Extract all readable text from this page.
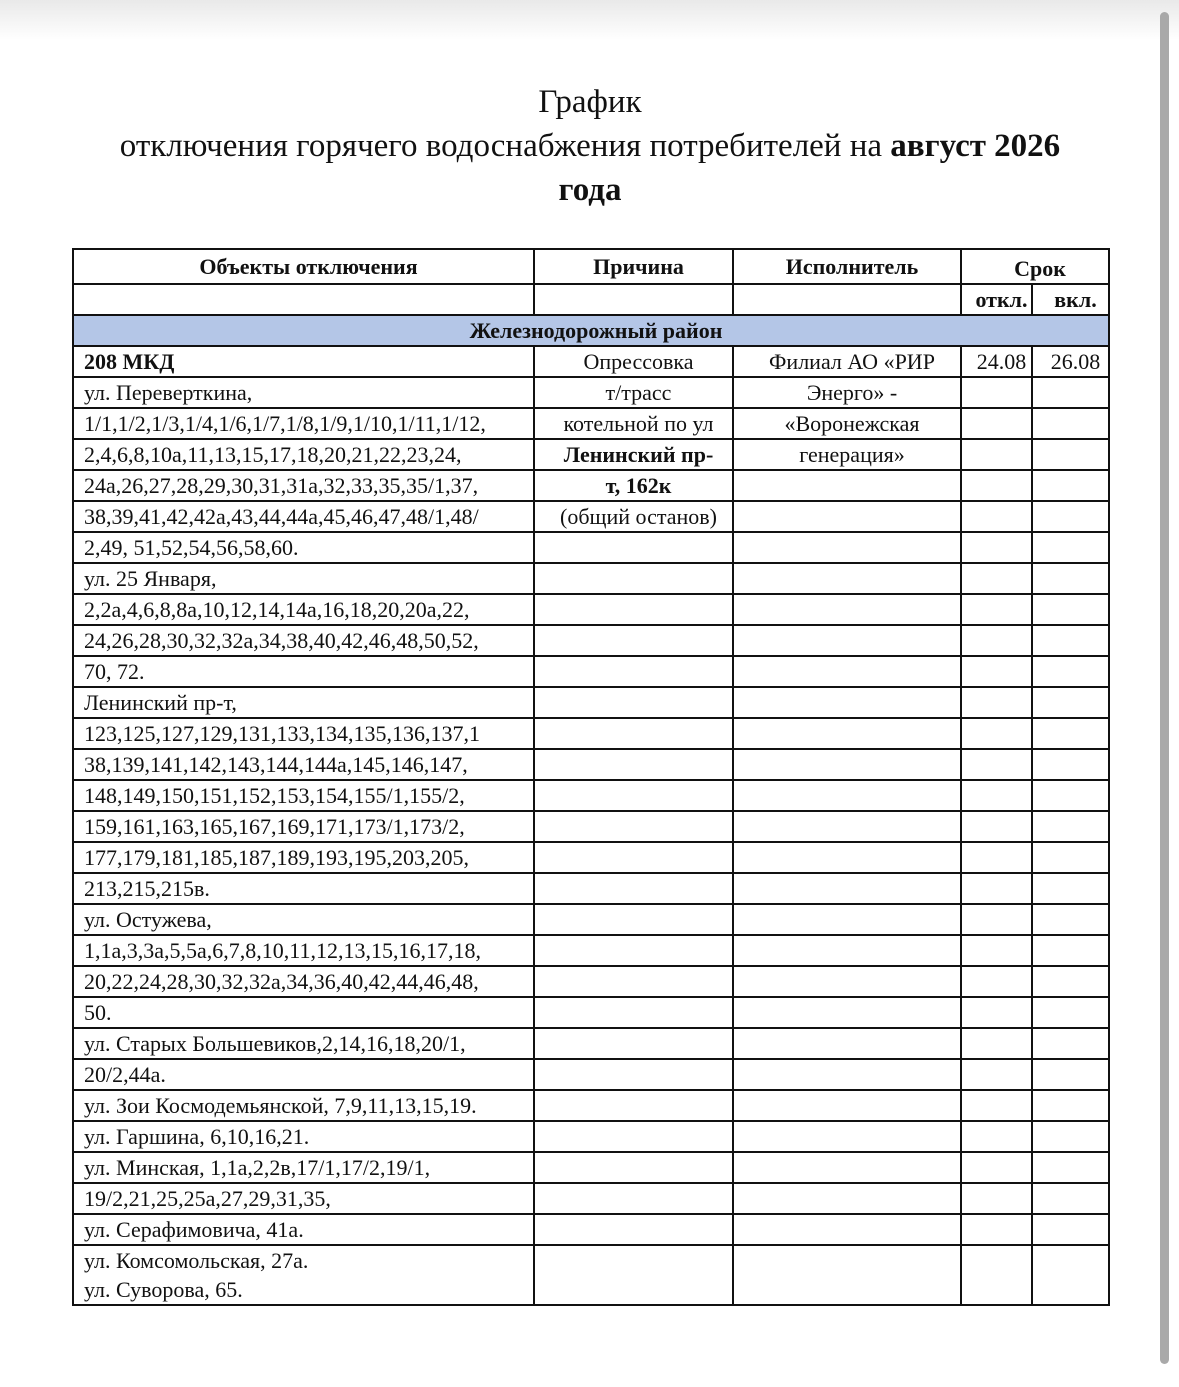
График
отключения горячего водоснабжения потребителей на август 2026
года
Объекты отключения	Причина	Исполнитель	Срок	
			откл.	вкл.
Железнодорожный район				
208 МКД	Опрессовка	Филиал АО «РИР	24.08	26.08
ул. Переверткина,	т/трасс	Энерго» -		
1/1,1/2,1/3,1/4,1/6,1/7,1/8,1/9,1/10,1/11,1/12,	котельной по ул	«Воронежская		
2,4,6,8,10а,11,13,15,17,18,20,21,22,23,24,	Ленинский пр-	генерация»		
24а,26,27,28,29,30,31,31а,32,33,35,35/1,37,	т, 162к			
38,39,41,42,42а,43,44,44а,45,46,47,48/1,48/	(общий останов)			
2,49, 51,52,54,56,58,60.				
ул. 25 Января,				
2,2а,4,6,8,8а,10,12,14,14а,16,18,20,20а,22,				
24,26,28,30,32,32а,34,38,40,42,46,48,50,52,				
70, 72.				
Ленинский пр-т,				
123,125,127,129,131,133,134,135,136,137,1				
38,139,141,142,143,144,144а,145,146,147,				
148,149,150,151,152,153,154,155/1,155/2,				
159,161,163,165,167,169,171,173/1,173/2,				
177,179,181,185,187,189,193,195,203,205,				
213,215,215в.				
ул. Остужева,				
1,1а,3,3а,5,5а,6,7,8,10,11,12,13,15,16,17,18,				
20,22,24,28,30,32,32а,34,36,40,42,44,46,48,				
50.				
ул. Старых Большевиков,2,14,16,18,20/1,				
20/2,44а.				
ул. Зои Космодемьянской, 7,9,11,13,15,19.				
ул. Гаршина, 6,10,16,21.				
ул. Минская, 1,1а,2,2в,17/1,17/2,19/1,				
19/2,21,25,25а,27,29,31,35,				
ул. Серафимовича, 41а.				

ул. Комсомольская, 27а.
ул. Суворова, 65.				
